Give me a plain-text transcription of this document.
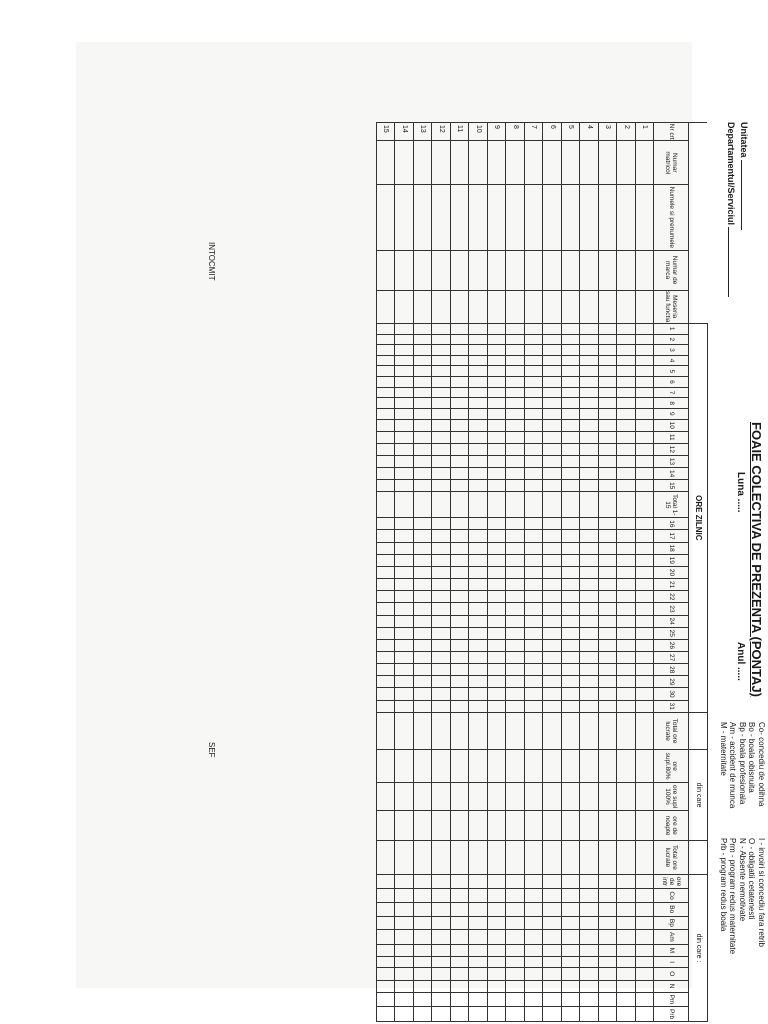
Unitatea
Departamentul/Serviciul
FOAIE COLECTIVA DE PREZENTA (PONTAJ)
Luna .....
Anul .....
Co- concediu de odihna
Bo - boala obisnuita
Bp - boala profesionala
Am - accident de munca
M - maternitate
I - invoiri si concediu fara retrib
O - obligatii cetatenesti
N - Absente nemotivate
Prm - program redus maternitate
Prb - program redus boala
					ORE ZILNIC																																	din care				din care :										
Nr crt	Numar matricol	Numele si prenumele	Numar de marca	Meseria sau functia	1	2	3	4	5	6	7	8	9	10	11	12	13	14	15	Total 1-15	16	17	18	19	20	21	22	23	24	25	26	27	28	29	30	31	Total ore lucrate	ore supl.80%	ore supl 100%	ore de noapte	Total ore lucrate	ore de intr	Co	Bo	Bp	Am	M	I	O	N	Pm	Prb
1																																																				
2																																																				
3																																																				
4																																																				
5																																																				
6																																																				
7																																																				
8																																																				
9																																																				
10																																																				
11																																																				
12																																																				
13																																																				
14																																																				
15																																																				
INTOCMIT
SEF
